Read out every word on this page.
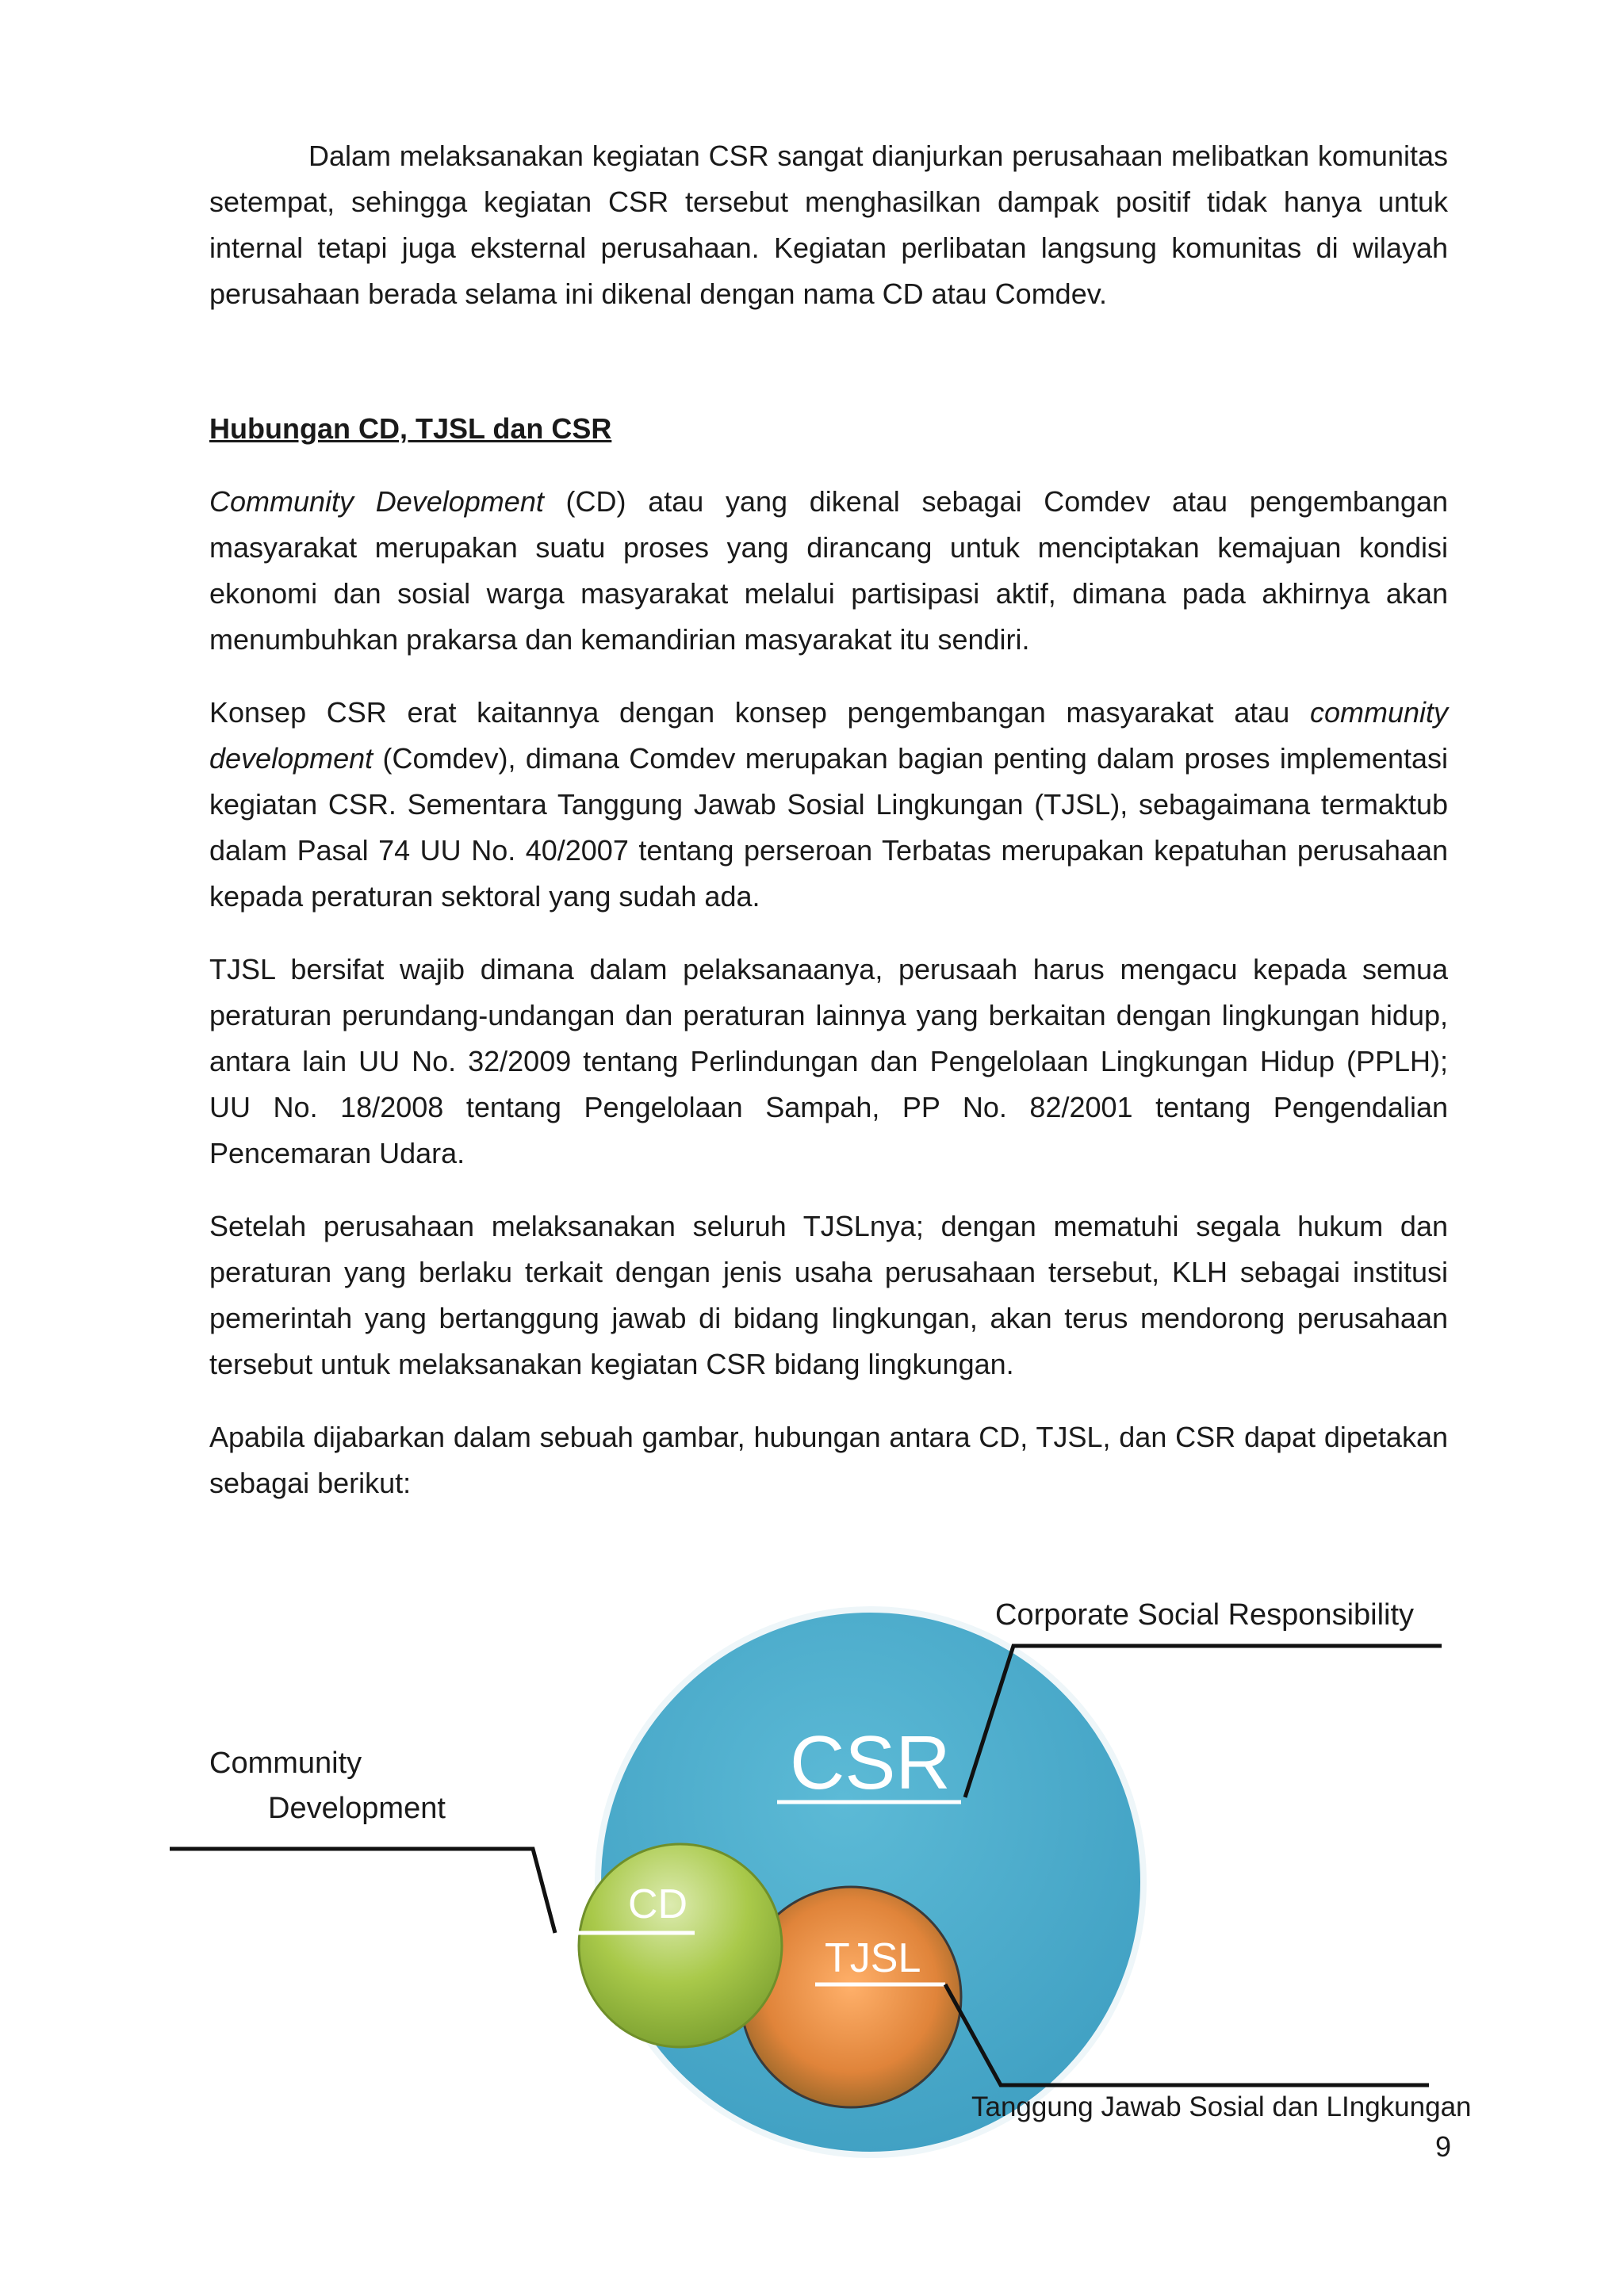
Dalam melaksanakan kegiatan CSR sangat dianjurkan perusahaan melibatkan komunitas setempat, sehingga kegiatan CSR tersebut menghasilkan dampak positif tidak hanya untuk internal tetapi juga eksternal perusahaan. Kegiatan perlibatan langsung komunitas di wilayah perusahaan berada selama ini dikenal dengan nama CD atau Comdev.

Hubungan CD, TJSL dan CSR

Community Development (CD) atau yang dikenal sebagai Comdev atau pengembangan masyarakat merupakan suatu proses yang dirancang untuk menciptakan kemajuan kondisi ekonomi dan sosial warga masyarakat melalui partisipasi aktif, dimana pada akhirnya akan menumbuhkan prakarsa dan kemandirian masyarakat itu sendiri.

Konsep CSR erat kaitannya dengan konsep pengembangan masyarakat atau community development (Comdev), dimana Comdev merupakan bagian penting dalam proses implementasi kegiatan CSR. Sementara Tanggung Jawab Sosial Lingkungan (TJSL), sebagaimana termaktub dalam Pasal 74 UU No. 40/2007 tentang perseroan Terbatas merupakan kepatuhan perusahaan kepada peraturan sektoral yang sudah ada.

TJSL bersifat wajib dimana dalam pelaksanaanya, perusaah harus mengacu kepada semua peraturan perundang-undangan dan peraturan lainnya yang berkaitan dengan lingkungan hidup, antara lain UU No. 32/2009 tentang Perlindungan dan Pengelolaan Lingkungan Hidup (PPLH); UU No. 18/2008 tentang Pengelolaan Sampah, PP No. 82/2001 tentang Pengendalian Pencemaran Udara.

Setelah perusahaan melaksanakan seluruh TJSLnya; dengan mematuhi segala hukum dan peraturan yang berlaku terkait dengan jenis usaha perusahaan tersebut, KLH sebagai institusi pemerintah yang bertanggung jawab di bidang lingkungan, akan terus mendorong perusahaan tersebut untuk melaksanakan kegiatan CSR bidang lingkungan.

Apabila dijabarkan dalam sebuah gambar, hubungan antara CD, TJSL, dan CSR dapat dipetakan sebagai berikut:

Corporate Social Responsibility
Community
Development
Tanggung Jawab Sosial dan LIngkungan
CSR
CD
TJSL
9
